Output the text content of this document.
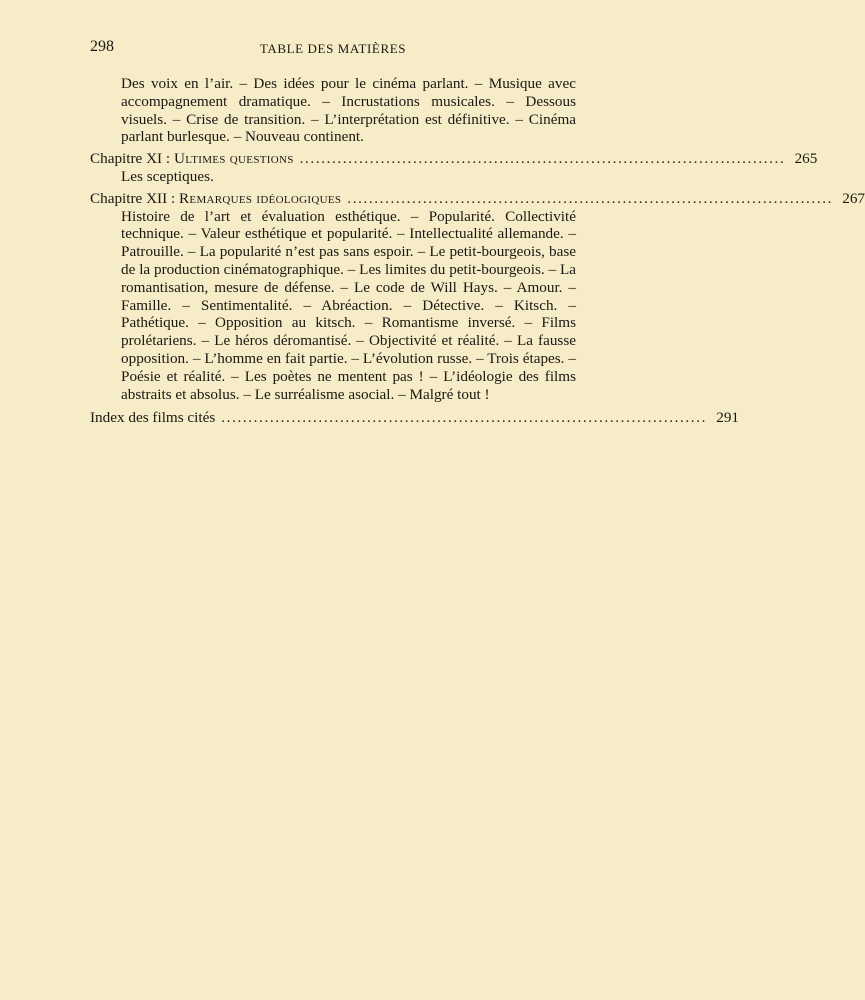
298	TABLE DES MATIÈRES
Des voix en l’air. – Des idées pour le cinéma parlant. – Musique avec accompagnement dramatique. – Incrustations musicales. – Dessous visuels. – Crise de transition. – L’interprétation est définitive. – Cinéma parlant burlesque. – Nouveau continent.
Chapitre XI : Ultimes questions .......................................................................................... 265
Les sceptiques.
Chapitre XII : Remarques idéologiques .......................................................................................... 267
Histoire de l’art et évaluation esthétique. – Popularité. Collectivité technique. – Valeur esthétique et popularité. – Intellectualité allemande. – Patrouille. – La popularité n’est pas sans espoir. – Le petit-bourgeois, base de la production cinématographique. – Les limites du petit-bourgeois. – La romantisation, mesure de défense. – Le code de Will Hays. – Amour. – Famille. – Sentimentalité. – Abréaction. – Détective. – Kitsch. – Pathétique. – Opposition au kitsch. – Romantisme inversé. – Films prolétariens. – Le héros déromantisé. – Objectivité et réalité. – La fausse opposition. – L’homme en fait partie. – L’évolution russe. – Trois étapes. – Poésie et réalité. – Les poètes ne mentent pas ! – L’idéologie des films abstraits et absolus. – Le surréalisme asocial. – Malgré tout !
Index des films cités .......................................................................................... 291
